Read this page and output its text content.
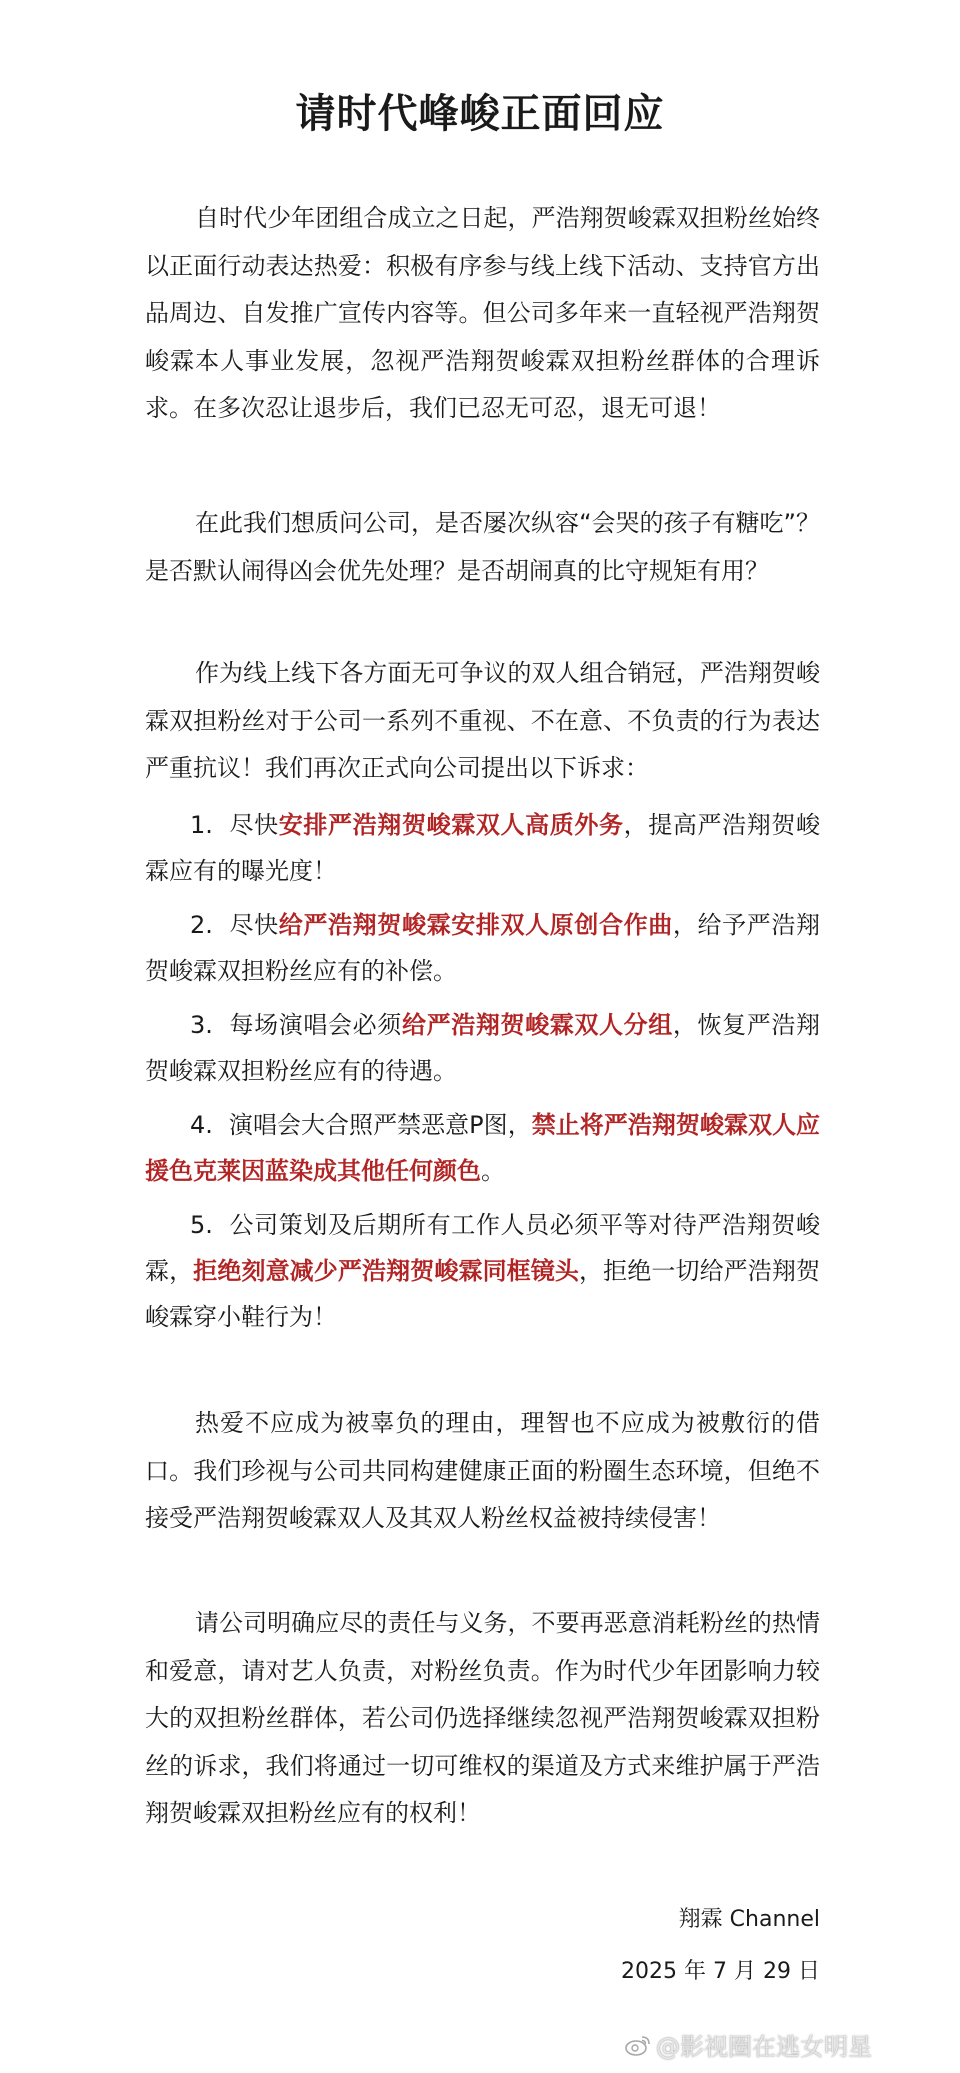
请时代峰峻正面回应

自时代少年团组合成立之日起，严浩翔贺峻霖双担粉丝始终以正面行动表达热爱：积极有序参与线上线下活动、支持官方出品周边、自发推广宣传内容等。但公司多年来一直轻视严浩翔贺峻霖本人事业发展，忽视严浩翔贺峻霖双担粉丝群体的合理诉求。在多次忍让退步后，我们已忍无可忍，退无可退！

在此我们想质问公司，是否屡次纵容“会哭的孩子有糖吃”？是否默认闹得凶会优先处理？是否胡闹真的比守规矩有用？

作为线上线下各方面无可争议的双人组合销冠，严浩翔贺峻霖双担粉丝对于公司一系列不重视、不在意、不负责的行为表达严重抗议！我们再次正式向公司提出以下诉求：

1. 尽快安排严浩翔贺峻霖双人高质外务，提高严浩翔贺峻霖应有的曝光度！

2. 尽快给严浩翔贺峻霖安排双人原创合作曲，给予严浩翔贺峻霖双担粉丝应有的补偿。

3. 每场演唱会必须给严浩翔贺峻霖双人分组，恢复严浩翔贺峻霖双担粉丝应有的待遇。

4. 演唱会大合照严禁恶意P图，禁止将严浩翔贺峻霖双人应援色克莱因蓝染成其他任何颜色。

5. 公司策划及后期所有工作人员必须平等对待严浩翔贺峻霖，拒绝刻意减少严浩翔贺峻霖同框镜头，拒绝一切给严浩翔贺峻霖穿小鞋行为！

热爱不应成为被辜负的理由，理智也不应成为被敷衍的借口。我们珍视与公司共同构建健康正面的粉圈生态环境，但绝不接受严浩翔贺峻霖双人及其双人粉丝权益被持续侵害！

请公司明确应尽的责任与义务，不要再恶意消耗粉丝的热情和爱意，请对艺人负责，对粉丝负责。作为时代少年团影响力较大的双担粉丝群体，若公司仍选择继续忽视严浩翔贺峻霖双担粉丝的诉求，我们将通过一切可维权的渠道及方式来维护属于严浩翔贺峻霖双担粉丝应有的权利！

翔霖 Channel
2025 年 7 月 29 日
@影视圈在逃女明星
